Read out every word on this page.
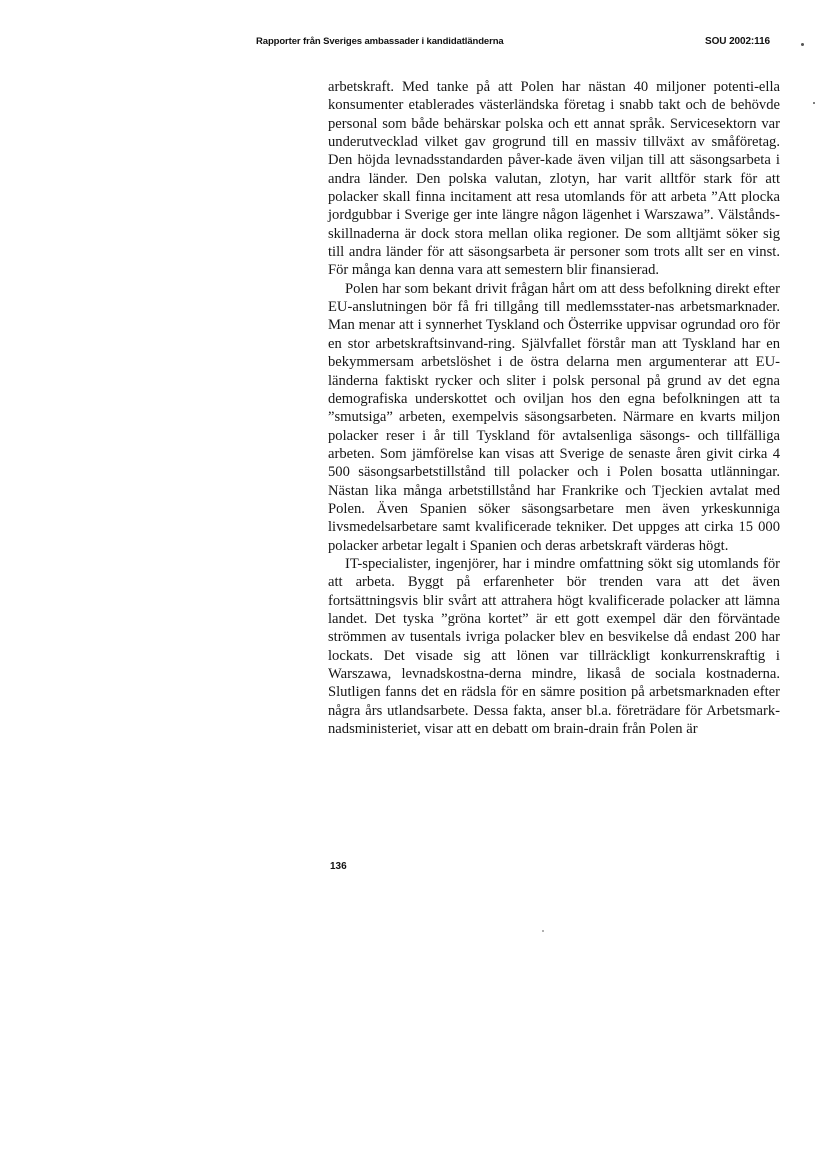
Rapporter från Sveriges ambassader i kandidatländerna	SOU 2002:116

arbetskraft. Med tanke på att Polen har nästan 40 miljoner potenti-ella konsumenter etablerades västerländska företag i snabb takt och de behövde personal som både behärskar polska och ett annat språk. Servicesektorn var underutvecklad vilket gav grogrund till en massiv tillväxt av småföretag. Den höjda levnadsstandarden påver-kade även viljan till att säsongsarbeta i andra länder. Den polska valutan, zlotyn, har varit alltför stark för att polacker skall finna incitament att resa utomlands för att arbeta ”Att plocka jordgubbar i Sverige ger inte längre någon lägenhet i Warszawa”. Välstånds-skillnaderna är dock stora mellan olika regioner. De som alltjämt söker sig till andra länder för att säsongsarbeta är personer som trots allt ser en vinst. För många kan denna vara att semestern blir finansierad.

Polen har som bekant drivit frågan hårt om att dess befolkning direkt efter EU-anslutningen bör få fri tillgång till medlemsstater-nas arbetsmarknader. Man menar att i synnerhet Tyskland och Österrike uppvisar ogrundad oro för en stor arbetskraftsinvand-ring. Självfallet förstår man att Tyskland har en bekymmersam arbetslöshet i de östra delarna men argumenterar att EU-länderna faktiskt rycker och sliter i polsk personal på grund av det egna demografiska underskottet och oviljan hos den egna befolkningen att ta ”smutsiga” arbeten, exempelvis säsongsarbeten. Närmare en kvarts miljon polacker reser i år till Tyskland för avtalsenliga säsongs- och tillfälliga arbeten. Som jämförelse kan visas att Sverige de senaste åren givit cirka 4 500 säsongsarbetstillstånd till polacker och i Polen bosatta utlänningar. Nästan lika många arbetstillstånd har Frankrike och Tjeckien avtalat med Polen. Även Spanien söker säsongsarbetare men även yrkeskunniga livsmedelsarbetare samt kvalificerade tekniker. Det uppges att cirka 15 000 polacker arbetar legalt i Spanien och deras arbetskraft värderas högt.

IT-specialister, ingenjörer, har i mindre omfattning sökt sig utomlands för att arbeta. Byggt på erfarenheter bör trenden vara att det även fortsättningsvis blir svårt att attrahera högt kvalificerade polacker att lämna landet. Det tyska ”gröna kortet” är ett gott exempel där den förväntade strömmen av tusentals ivriga polacker blev en besvikelse då endast 200 har lockats. Det visade sig att lönen var tillräckligt konkurrenskraftig i Warszawa, levnadskostna-derna mindre, likaså de sociala kostnaderna. Slutligen fanns det en rädsla för en sämre position på arbetsmarknaden efter några års utlandsarbete. Dessa fakta, anser bl.a. företrädare för Arbetsmark-nadsministeriet, visar att en debatt om brain-drain från Polen är

136
